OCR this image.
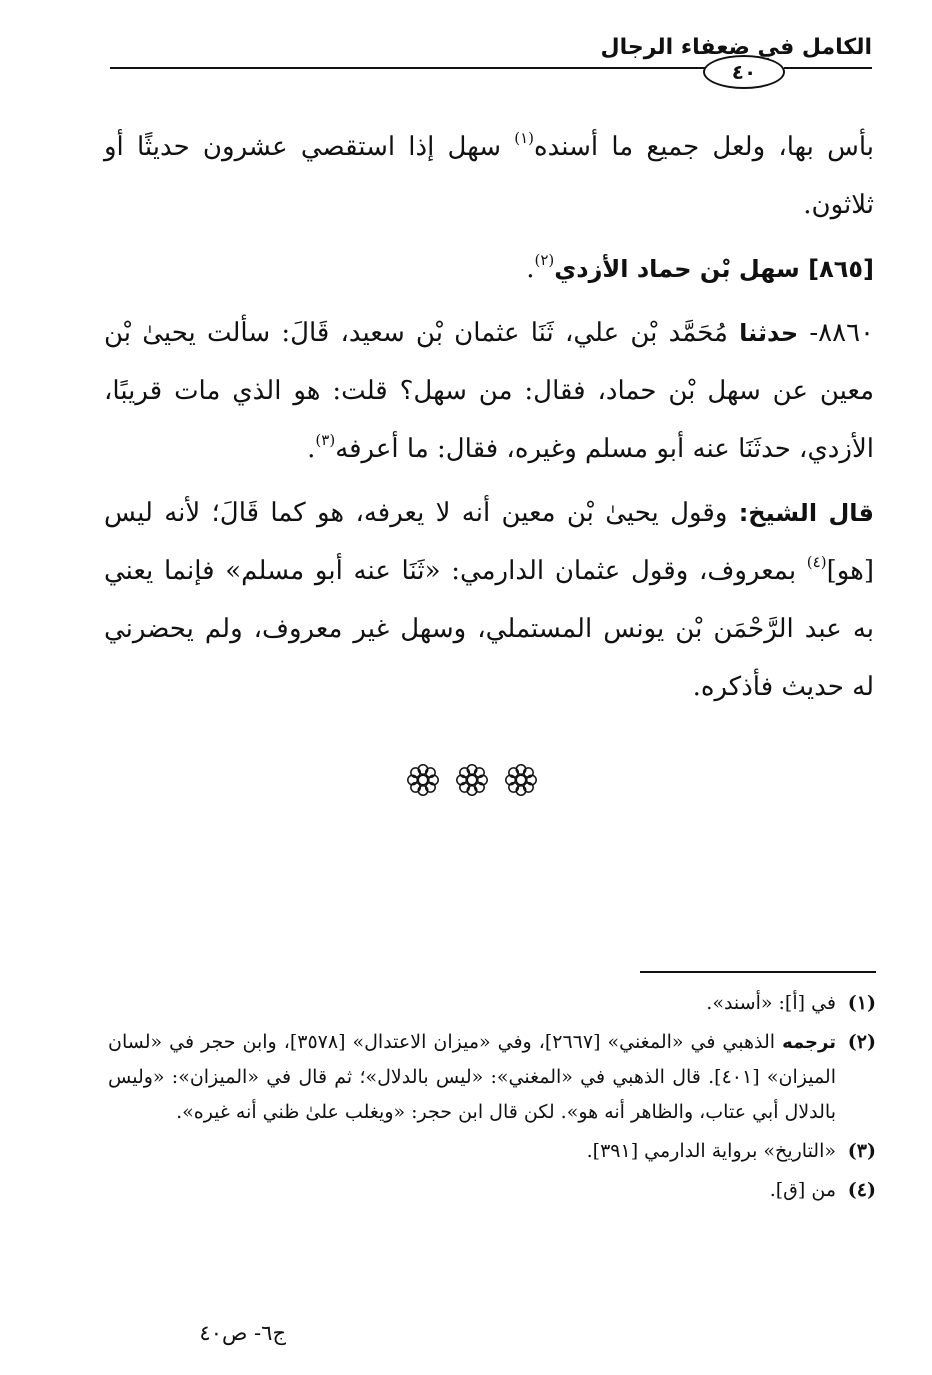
الكامل في ضعفاء الرجال
٤٠

بأس بها، ولعل جميع ما أسنده$^{(١)}$ سهل إذا استقصي عشرون حديثًا أو ثلاثون.

[٨٦٥] سهل بْن حماد الأزدي$^{(٢)}$.

٨٨٦٠- حدثنا مُحَمَّد بْن علي، ثَنَا عثمان بْن سعيد، قَالَ: سألت يحيىٰ بْن معين عن سهل بْن حماد، فقال: من سهل؟ قلت: هو الذي مات قريبًا، الأزدي، حدثَنَا عنه أبو مسلم وغيره، فقال: ما أعرفه$^{(٣)}$.

قال الشيخ: وقول يحيىٰ بْن معين أنه لا يعرفه، هو كما قَالَ؛ لأنه ليس [هو]$^{(٤)}$ بمعروف، وقول عثمان الدارمي: «ثَنَا عنه أبو مسلم» فإنما يعني به عبد الرَّحْمَن بْن يونس المستملي، وسهل غير معروف، ولم يحضرني له حديث فأذكره.

(١)
في [أ]: «أسند».
(٢)
ترجمه الذهبي في «المغني» [٢٦٦٧]، وفي «ميزان الاعتدال» [٣٥٧٨]، وابن حجر في «لسان الميزان» [٤٠١]. قال الذهبي في «المغني»: «ليس بالدلال»؛ ثم قال في «الميزان»: «وليس بالدلال أبي عتاب، والظاهر أنه هو». لكن قال ابن حجر: «ويغلب علىٰ ظني أنه غيره».
(٣)
«التاريخ» برواية الدارمي [٣٩١].
(٤)
من [ق].
ج٦- ص٤٠
